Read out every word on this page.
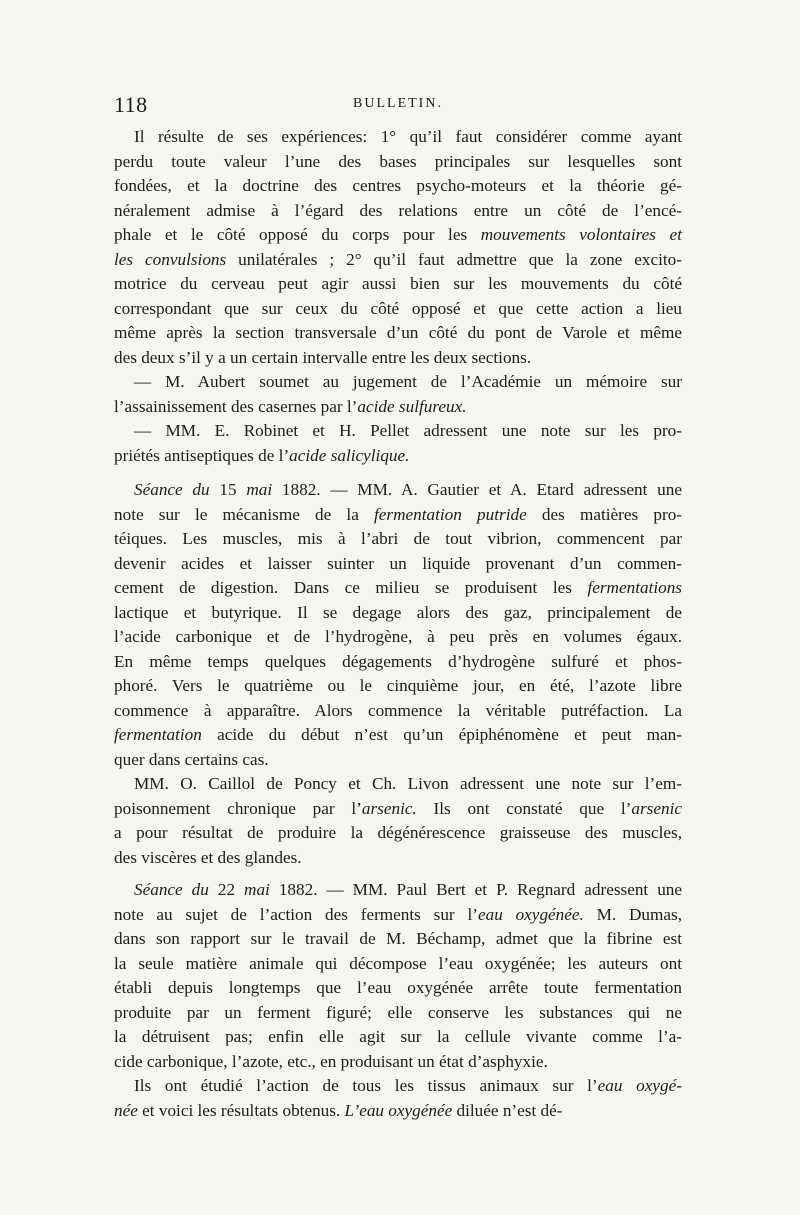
118	BULLETIN.
Il résulte de ses expériences: 1° qu’il faut considérer comme ayant
perdu toute valeur l’une des bases principales sur lesquelles sont
fondées, et la doctrine des centres psycho-moteurs et la théorie gé-
néralement admise à l’égard des relations entre un côté de l’encé-
phale et le côté opposé du corps pour les mouvements volontaires et
les convulsions unilatérales ; 2° qu’il faut admettre que la zone excito-
motrice du cerveau peut agir aussi bien sur les mouvements du côté
correspondant que sur ceux du côté opposé et que cette action a lieu
même après la section transversale d’un côté du pont de Varole et même
des deux s’il y a un certain intervalle entre les deux sections.
— M. Aubert soumet au jugement de l’Académie un mémoire sur
l’assainissement des casernes par l’acide sulfureux.
— MM. E. Robinet et H. Pellet adressent une note sur les pro-
priétés antiseptiques de l’acide salicylique.
Séance du 15 mai 1882. — MM. A. Gautier et A. Etard adressent une
note sur le mécanisme de la fermentation putride des matières pro-
téiques. Les muscles, mis à l’abri de tout vibrion, commencent par
devenir acides et laisser suinter un liquide provenant d’un commen-
cement de digestion. Dans ce milieu se produisent les fermentations
lactique et butyrique. Il se degage alors des gaz, principalement de
l’acide carbonique et de l’hydrogène, à peu près en volumes égaux.
En même temps quelques dégagements d’hydrogène sulfuré et phos-
phoré. Vers le quatrième ou le cinquième jour, en été, l’azote libre
commence à apparaître. Alors commence la véritable putréfaction. La
fermentation acide du début n’est qu’un épiphénomène et peut man-
quer dans certains cas.
MM. O. Caillol de Poncy et Ch. Livon adressent une note sur l’em-
poisonnement chronique par l’arsenic. Ils ont constaté que l’arsenic
a pour résultat de produire la dégénérescence graisseuse des muscles,
des viscères et des glandes.
Séance du 22 mai 1882. — MM. Paul Bert et P. Regnard adressent une
note au sujet de l’action des ferments sur l’eau oxygénée. M. Dumas,
dans son rapport sur le travail de M. Béchamp, admet que la fibrine est
la seule matière animale qui décompose l’eau oxygénée; les auteurs ont
établi depuis longtemps que l’eau oxygénée arrête toute fermentation
produite par un ferment figuré; elle conserve les substances qui ne
la détruisent pas; enfin elle agit sur la cellule vivante comme l’a-
cide carbonique, l’azote, etc., en produisant un état d’asphyxie.
Ils ont étudié l’action de tous les tissus animaux sur l’eau oxygé-
née et voici les résultats obtenus. L’eau oxygénée diluée n’est dé-
